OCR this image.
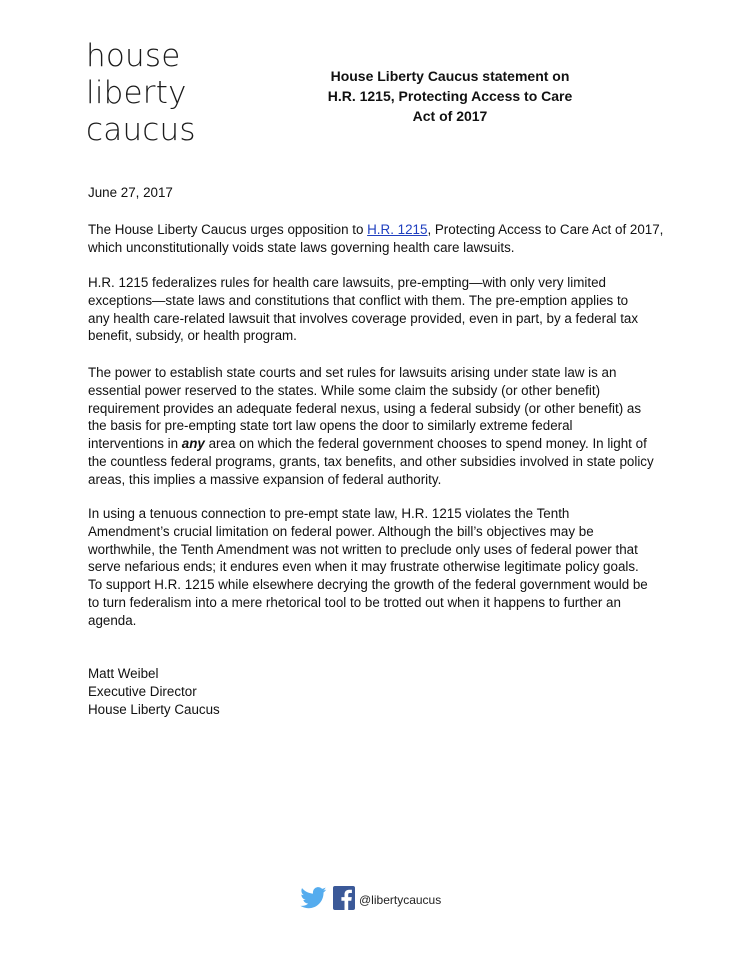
house
liberty
caucus
House Liberty Caucus statement on
H.R. 1215, Protecting Access to Care
Act of 2017
June 27, 2017
The House Liberty Caucus urges opposition to H.R. 1215, Protecting Access to Care Act of 2017,
which unconstitutionally voids state laws governing health care lawsuits.
H.R. 1215 federalizes rules for health care lawsuits, pre-empting—with only very limited
exceptions—state laws and constitutions that conflict with them. The pre-emption applies to
any health care-related lawsuit that involves coverage provided, even in part, by a federal tax
benefit, subsidy, or health program.
The power to establish state courts and set rules for lawsuits arising under state law is an
essential power reserved to the states. While some claim the subsidy (or other benefit)
requirement provides an adequate federal nexus, using a federal subsidy (or other benefit) as
the basis for pre-empting state tort law opens the door to similarly extreme federal
interventions in any area on which the federal government chooses to spend money. In light of
the countless federal programs, grants, tax benefits, and other subsidies involved in state policy
areas, this implies a massive expansion of federal authority.
In using a tenuous connection to pre-empt state law, H.R. 1215 violates the Tenth
Amendment’s crucial limitation on federal power. Although the bill’s objectives may be
worthwhile, the Tenth Amendment was not written to preclude only uses of federal power that
serve nefarious ends; it endures even when it may frustrate otherwise legitimate policy goals.
To support H.R. 1215 while elsewhere decrying the growth of the federal government would be
to turn federalism into a mere rhetorical tool to be trotted out when it happens to further an
agenda.
Matt Weibel
Executive Director
House Liberty Caucus
@libertycaucus
